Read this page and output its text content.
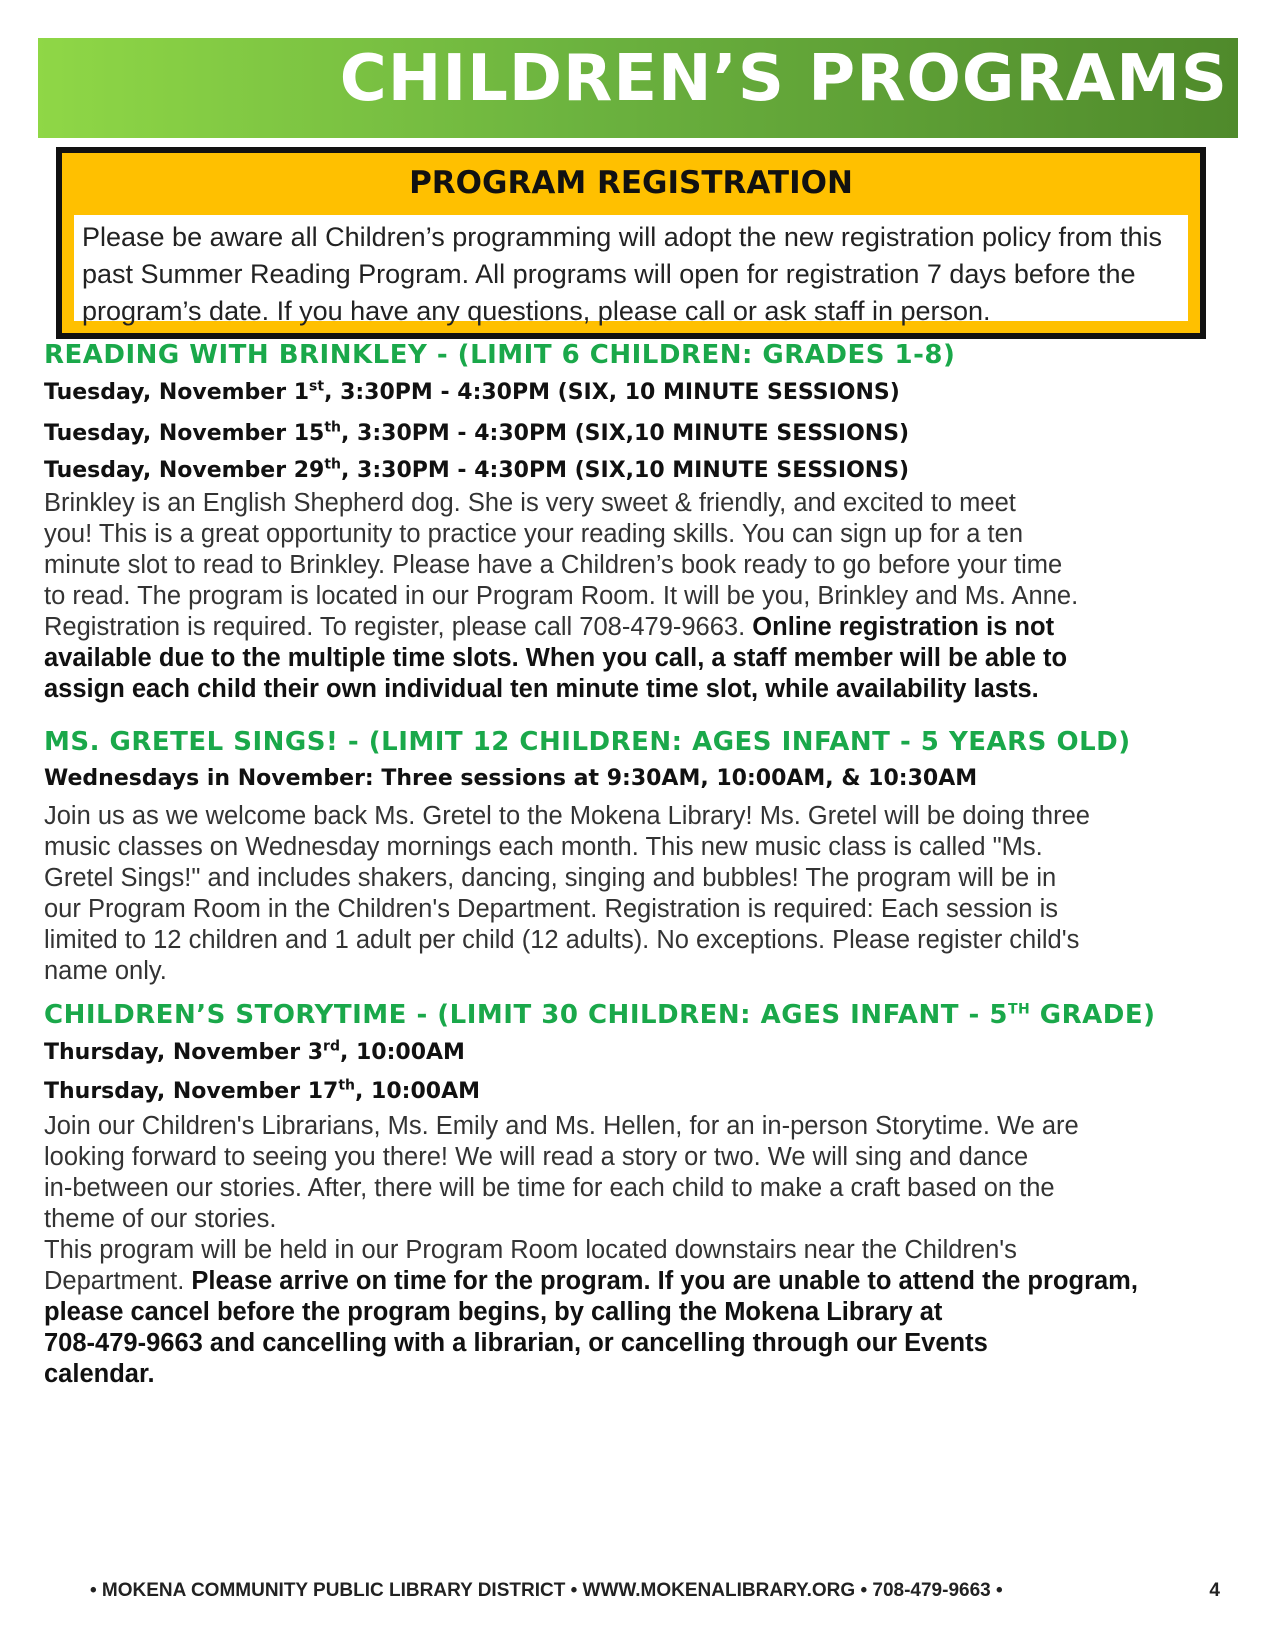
CHILDREN’S PROGRAMS
PROGRAM REGISTRATION
Please be aware all Children’s programming will adopt the new registration policy from this past Summer Reading Program. All programs will open for registration 7 days before the program’s date. If you have any questions, please call or ask staff in person.
READING WITH BRINKLEY - (LIMIT 6 CHILDREN: GRADES 1-8)
Tuesday, November 1st, 3:30PM - 4:30PM (SIX, 10 MINUTE SESSIONS)
Tuesday, November 15th, 3:30PM - 4:30PM (SIX,10 MINUTE SESSIONS)
Tuesday, November 29th, 3:30PM - 4:30PM (SIX,10 MINUTE SESSIONS)
Brinkley is an English Shepherd dog. She is very sweet & friendly, and excited to meet
you! This is a great opportunity to practice your reading skills. You can sign up for a ten
minute slot to read to Brinkley. Please have a Children’s book ready to go before your time
to read. The program is located in our Program Room. It will be you, Brinkley and Ms. Anne.
Registration is required. To register, please call 708-479-9663. Online registration is not
available due to the multiple time slots. When you call, a staff member will be able to
assign each child their own individual ten minute time slot, while availability lasts.
MS. GRETEL SINGS! - (LIMIT 12 CHILDREN: AGES INFANT - 5 YEARS OLD)
Wednesdays in November: Three sessions at 9:30AM, 10:00AM, & 10:30AM
Join us as we welcome back Ms. Gretel to the Mokena Library! Ms. Gretel will be doing three
music classes on Wednesday mornings each month. This new music class is called "Ms.
Gretel Sings!" and includes shakers, dancing, singing and bubbles! The program will be in
our Program Room in the Children's Department. Registration is required: Each session is
limited to 12 children and 1 adult per child (12 adults). No exceptions. Please register child's
name only.
CHILDREN’S STORYTIME - (LIMIT 30 CHILDREN: AGES INFANT - 5TH GRADE)
Thursday, November 3rd, 10:00AM
Thursday, November 17th, 10:00AM
Join our Children's Librarians, Ms. Emily and Ms. Hellen, for an in-person Storytime. We are
looking forward to seeing you there! We will read a story or two. We will sing and dance
in-between our stories. After, there will be time for each child to make a craft based on the
theme of our stories.
This program will be held in our Program Room located downstairs near the Children's
Department. Please arrive on time for the program. If you are unable to attend the program,
please cancel before the program begins, by calling the Mokena Library at
708-479-9663 and cancelling with a librarian, or cancelling through our Events
calendar.
• MOKENA COMMUNITY PUBLIC LIBRARY DISTRICT • WWW.MOKENALIBRARY.ORG • 708-479-9663 •	4
